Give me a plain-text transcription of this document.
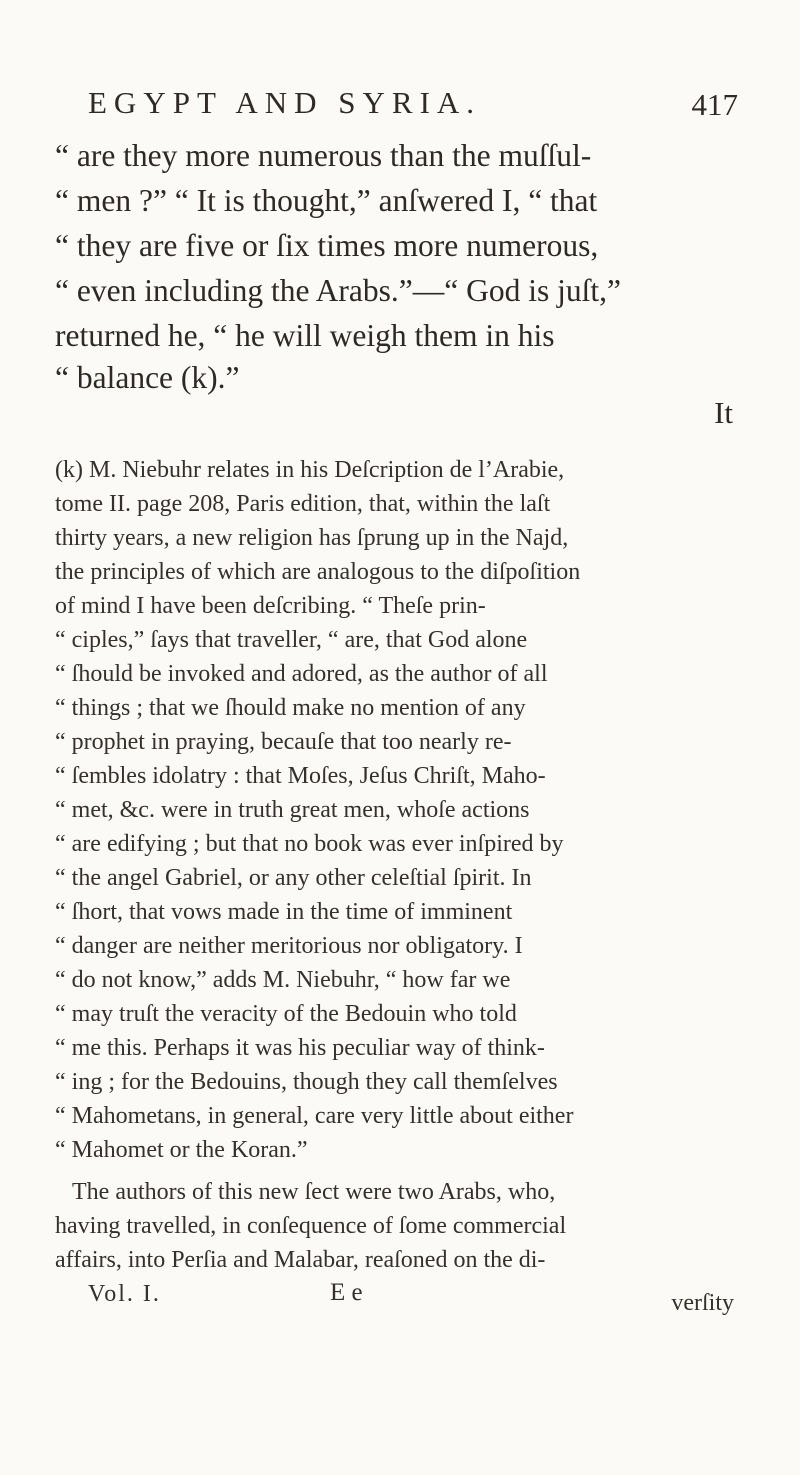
EGYPT AND SYRIA.	417
“ are they more numerous than the muſſul-
“ men ?” “ It is thought,” anſwered I, “ that
“ they are five or ſix times more numerous,
“ even including the Arabs.”—“ God is juſt,”
returned he, “ he will weigh them in his
“ balance (k).”
It
(k) M. Niebuhr relates in his Deſcription de l’Arabie,
tome II. page 208, Paris edition, that, within the laſt
thirty years, a new religion has ſprung up in the Najd,
the principles of which are analogous to the diſpoſition
of mind I have been deſcribing. “ Theſe prin-
“ ciples,” ſays that traveller, “ are, that God alone
“ ſhould be invoked and adored, as the author of all
“ things ; that we ſhould make no mention of any
“ prophet in praying, becauſe that too nearly re-
“ ſembles idolatry : that Moſes, Jeſus Chriſt, Maho-
“ met, &c. were in truth great men, whoſe actions
“ are edifying ; but that no book was ever inſpired by
“ the angel Gabriel, or any other celeſtial ſpirit. In
“ ſhort, that vows made in the time of imminent
“ danger are neither meritorious nor obligatory. I
“ do not know,” adds M. Niebuhr, “ how far we
“ may truſt the veracity of the Bedouin who told
“ me this. Perhaps it was his peculiar way of think-
“ ing ; for the Bedouins, though they call themſelves
“ Mahometans, in general, care very little about either
“ Mahomet or the Koran.”
The authors of this new ſect were two Arabs, who,
having travelled, in conſequence of ſome commercial
affairs, into Perſia and Malabar, reaſoned on the di-
Vol. I.	E e	verſity
